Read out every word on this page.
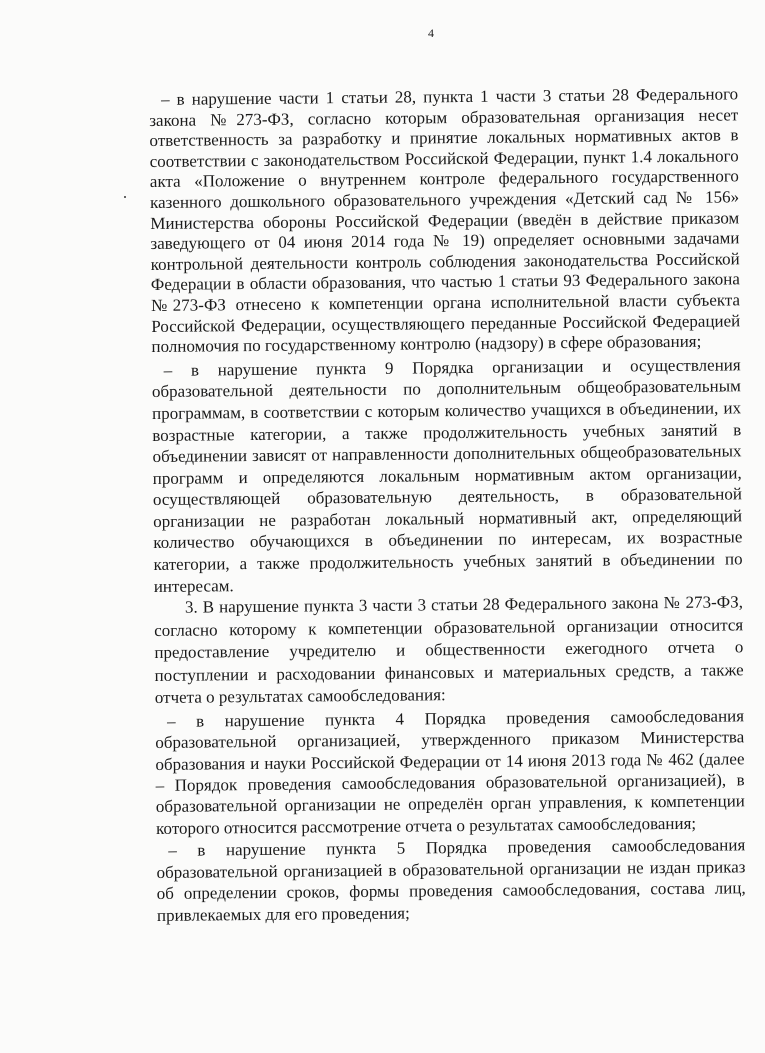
4

– в нарушение части 1 статьи 28, пункта 1 части 3 статьи 28 Федерального закона №273-ФЗ, согласно которым образовательная организация несет ответственность за разработку и принятие локальных нормативных актов в соответствии с законодательством Российской Федерации, пункт 1.4 локального акта «Положение о внутреннем контроле федерального государственного казенного дошкольного образовательного учреждения «Детский сад № 156» Министерства обороны Российской Федерации (введён в действие приказом заведующего от 04 июня 2014 года № 19) определяет основными задачами контрольной деятельности контроль соблюдения законодательства Российской Федерации в области образования, что частью 1 статьи 93 Федерального закона №273-ФЗ отнесено к компетенции органа исполнительной власти субъекта Российской Федерации, осуществляющего переданные Российской Федерацией полномочия по государственному контролю (надзору) в сфере образования;

– в нарушение пункта 9 Порядка организации и осуществления образовательной деятельности по дополнительным общеобразовательным программам, в соответствии с которым количество учащихся в объединении, их возрастные категории, а также продолжительность учебных занятий в объединении зависят от направленности дополнительных общеобразовательных программ и определяются локальным нормативным актом организации, осуществляющей образовательную деятельность, в образовательной организации не разработан локальный нормативный акт, определяющий количество обучающихся в объединении по интересам, их возрастные категории, а также продолжительность учебных занятий в объединении по интересам.

3. В нарушение пункта 3 части 3 статьи 28 Федерального закона № 273-ФЗ, согласно которому к компетенции образовательной организации относится предоставление учредителю и общественности ежегодного отчета о поступлении и расходовании финансовых и материальных средств, а также отчета о результатах самообследования:

– в нарушение пункта 4 Порядка проведения самообследования образовательной организацией, утвержденного приказом Министерства образования и науки Российской Федерации от 14 июня 2013 года № 462 (далее – Порядок проведения самообследования образовательной организацией), в образовательной организации не определён орган управления, к компетенции которого относится рассмотрение отчета о результатах самообследования;

– в нарушение пункта 5 Порядка проведения самообследования образовательной организацией в образовательной организации не издан приказ об определении сроков, формы проведения самообследования, состава лиц, привлекаемых для его проведения;
